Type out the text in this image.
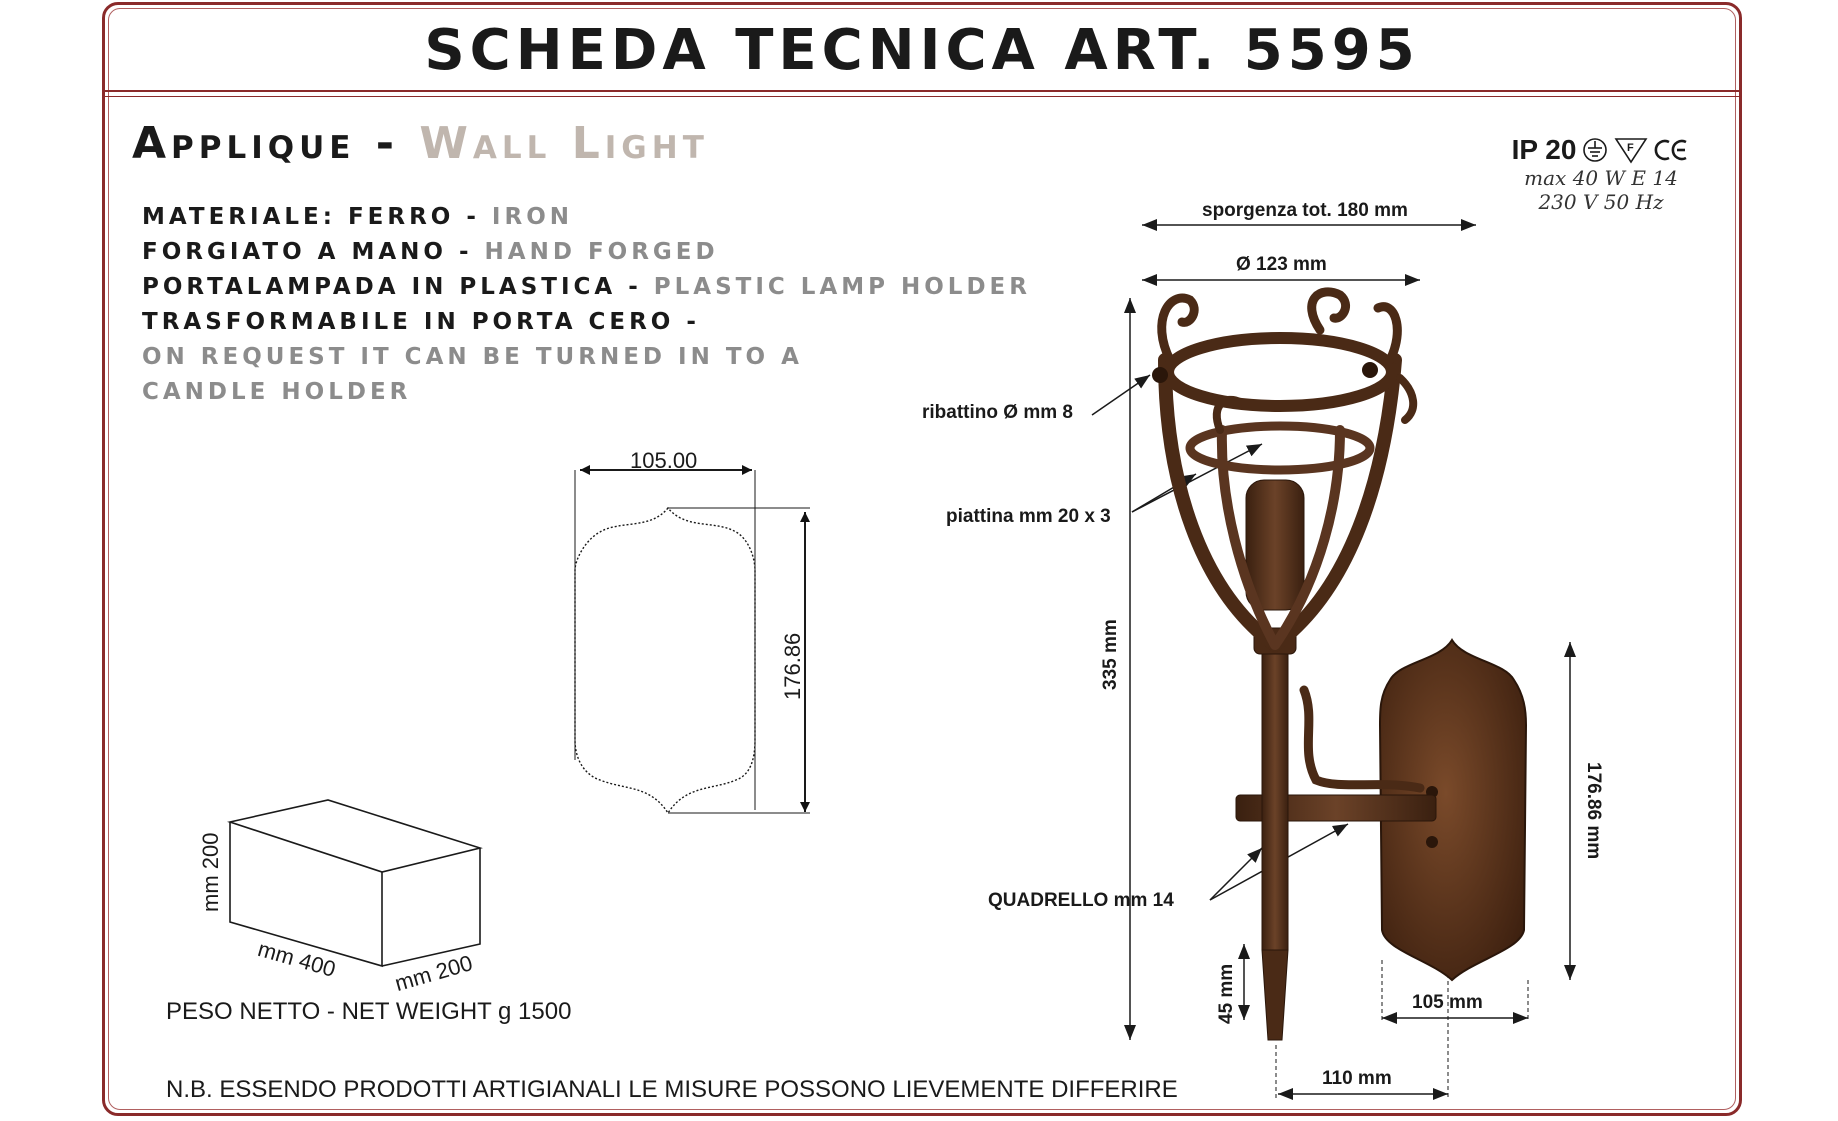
SCHEDA TECNICA ART. 5595
Applique - Wall Light
MATERIALE: FERRO - IRON
FORGIATO A MANO - HAND FORGED
PORTALAMPADA IN PLASTICA - PLASTIC LAMP HOLDER
TRASFORMABILE IN PORTA CERO -
ON REQUEST IT CAN BE TURNED IN TO A
CANDLE HOLDER
IP 20	F
max 40 W E 14
230 V 50 Hz
105.00
176.86
mm 200
mm 400 mm 200
sporgenza tot. 180 mm
Ø 123 mm
ribattino Ø mm 8
piattina mm 20 x 3
335 mm
QUADRELLO mm 14
45 mm
176.86 mm
105 mm
110 mm
PESO NETTO - NET WEIGHT g 1500
N.B. ESSENDO PRODOTTI ARTIGIANALI LE MISURE POSSONO LIEVEMENTE DIFFERIRE
